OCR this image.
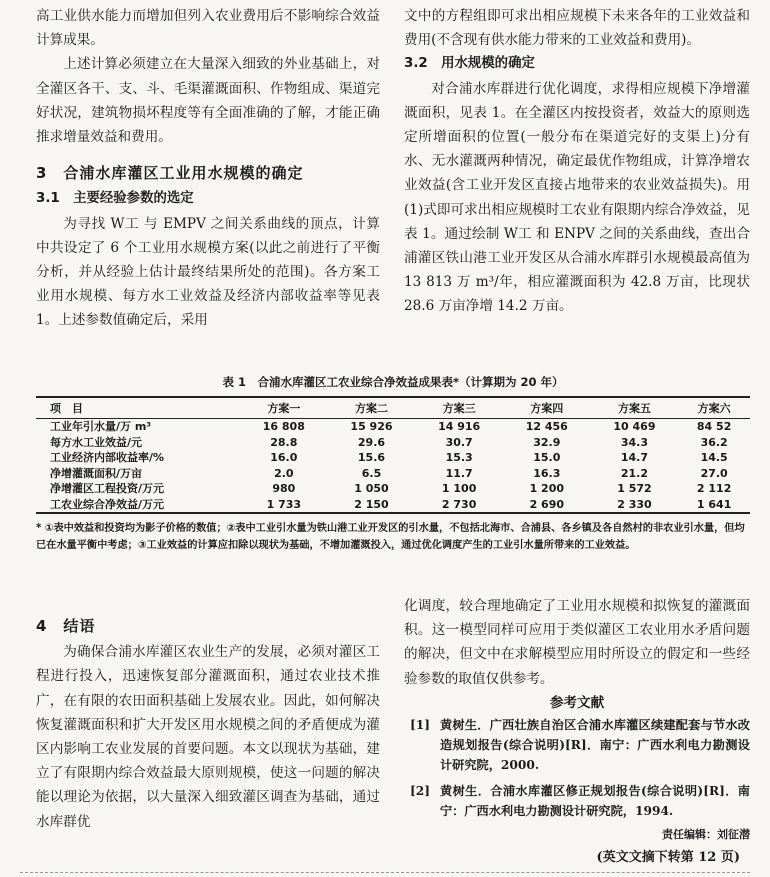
高工业供水能力而增加但列入农业费用后不影响综合效益计算成果。

上述计算必须建立在大量深入细致的外业基础上，对全灌区各干、支、斗、毛渠灌溉面积、作物组成、渠道完好状况，建筑物损坏程度等有全面准确的了解，才能正确推求增量效益和费用。

3　合浦水库灌区工业用水规模的确定

3.1　主要经验参数的选定

为寻找 W工 与 EMPV 之间关系曲线的顶点，计算中共设定了 6 个工业用水规模方案(以此之前进行了平衡分析，并从经验上估计最终结果所处的范围)。各方案工业用水规模、每方水工业效益及经济内部收益率等见表 1。上述参数值确定后，采用

文中的方程组即可求出相应规模下未来各年的工业效益和费用(不含现有供水能力带来的工业效益和费用)。

3.2　用水规模的确定

对合浦水库群进行优化调度，求得相应规模下净增灌溉面积，见表 1。在全灌区内按投资者，效益大的原则选定所增面积的位置(一般分布在渠道完好的支渠上)分有水、无水灌溉两种情况，确定最优作物组成，计算净增农业效益(含工业开发区直接占地带来的农业效益损失)。用(1)式即可求出相应规模时工农业有限期内综合净效益，见表 1。通过绘制 W工 和 ENPV 之间的关系曲线，查出合浦灌区铁山港工业开发区从合浦水库群引水规模最高值为 13 813 万 m³/年，相应灌溉面积为 42.8 万亩，比现状 28.6 万亩净增 14.2 万亩。

表 1　合浦水库灌区工农业综合净效益成果表*（计算期为 20 年）
项　目	方案一	方案二	方案三	方案四	方案五	方案六
工业年引水量/万 m³	16 808	15 926	14 916	12 456	10 469	84 52
每方水工业效益/元	28.8	29.6	30.7	32.9	34.3	36.2
工业经济内部收益率/%	16.0	15.6	15.3	15.0	14.7	14.5
净增灌溉面积/万亩	2.0	6.5	11.7	16.3	21.2	27.0
净增灌区工程投资/万元	980	1 050	1 100	1 200	1 572	2 112
工农业综合净效益/万元	1 733	2 150	2 730	2 690	2 330	1 641
* ①表中效益和投资均为影子价格的数值；②表中工业引水量为铁山港工业开发区的引水量，不包括北海市、合浦县、各乡镇及各自然村的非农业引水量，但均已在水量平衡中考虑；③工业效益的计算应扣除以现状为基础，不增加灌溉投入，通过优化调度产生的工业引水量所带来的工业效益。

4　结语

为确保合浦水库灌区农业生产的发展，必须对灌区工程进行投入，迅速恢复部分灌溉面积，通过农业技术推广，在有限的农田面积基础上发展农业。因此，如何解决恢复灌溉面积和扩大开发区用水规模之间的矛盾便成为灌区内影响工农业发展的首要问题。本文以现状为基础，建立了有限期内综合效益最大原则规模，使这一问题的解决能以理论为依据，以大量深入细致灌区调查为基础，通过水库群优

化调度，较合理地确定了工业用水规模和拟恢复的灌溉面积。这一模型同样可应用于类似灌区工农业用水矛盾问题的解决，但文中在求解模型应用时所设立的假定和一些经验参数的取值仅供参考。

参考文献

[1] 黄树生．广西壮族自治区合浦水库灌区续建配套与节水改造规划报告(综合说明)[R]．南宁：广西水利电力勘测设计研究院，2000.
[2] 黄树生．合浦水库灌区修正规划报告(综合说明)[R]．南宁：广西水利电力勘测设计研究院，1994.
责任编辑：刘征潜
(英文文摘下转第 12 页)
